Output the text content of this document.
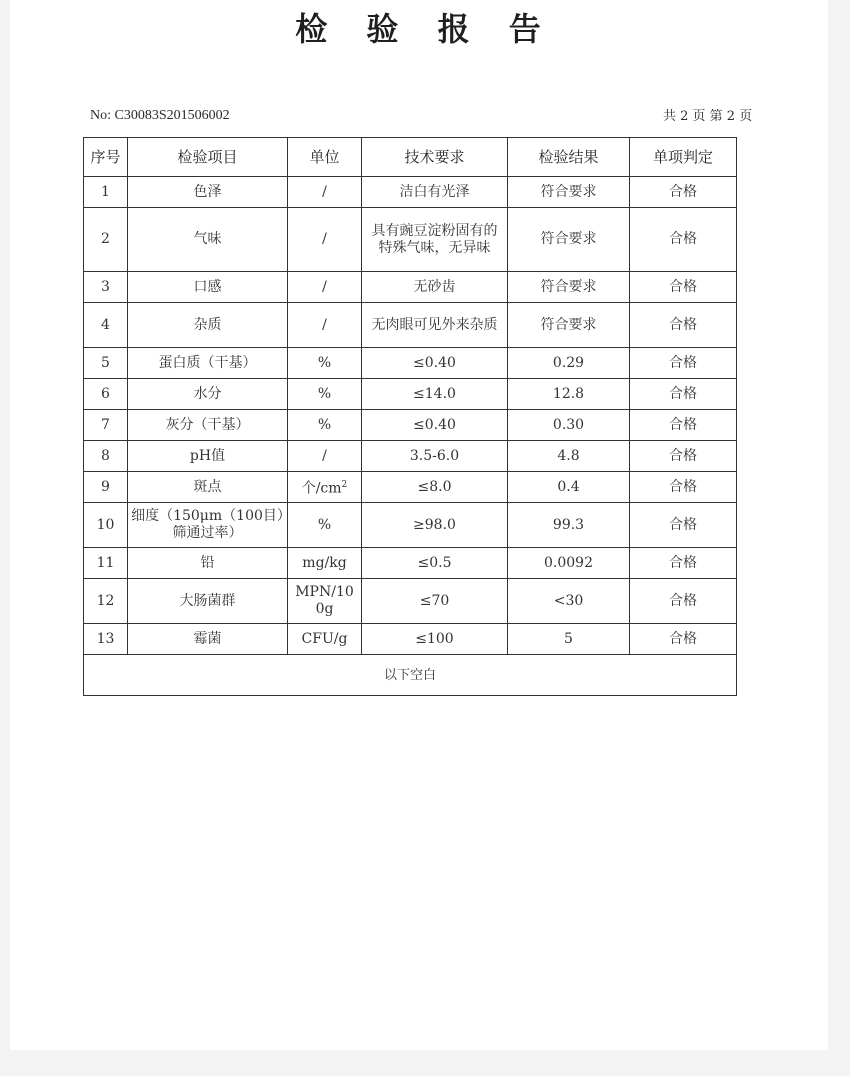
检 验 报 告
No: C30083S201506002	共 2 页 第 2 页
序号	检验项目	单位	技术要求	检验结果	单项判定
1	色泽	/	洁白有光泽	符合要求	合格
2	气味	/	具有豌豆淀粉固有的特殊气味，无异味	符合要求	合格
3	口感	/	无砂齿	符合要求	合格
4	杂质	/	无肉眼可见外来杂质	符合要求	合格
5	蛋白质（干基）	%	≤0.40	0.29	合格
6	水分	%	≤14.0	12.8	合格
7	灰分（干基）	%	≤0.40	0.30	合格
8	pH值	/	3.5-6.0	4.8	合格
9	斑点	个$/cm^2$	≤8.0	0.4	合格
10	细度（150μm（100目）筛通过率）	%	≥98.0	99.3	合格
11	铅	mg/kg	≤0.5	0.0092	合格
12	大肠菌群	MPN/100g	≤70	<30	合格
13	霉菌	CFU/g	≤100	5	合格
以下空白					
